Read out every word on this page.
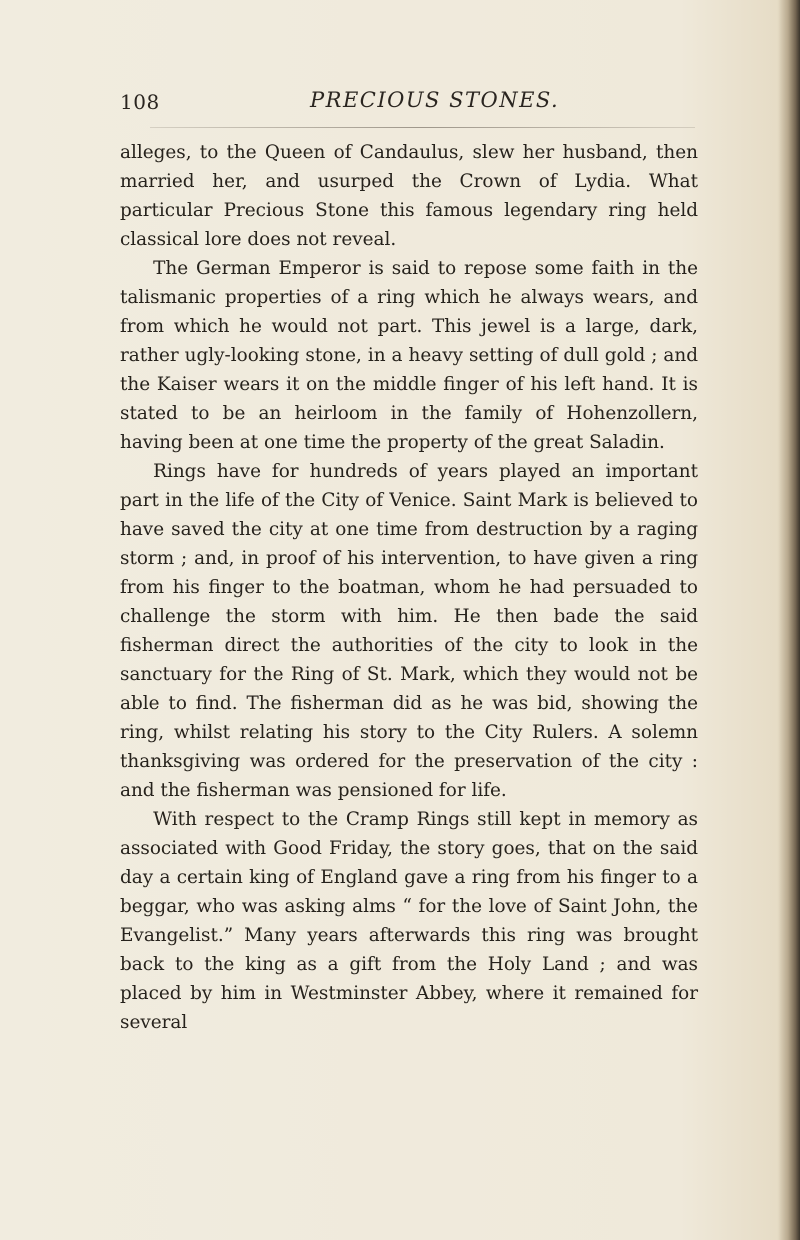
108	PRECIOUS STONES.

alleges, to the Queen of Candaulus, slew her husband, then married her, and usurped the Crown of Lydia. What particular Precious Stone this famous legendary ring held classical lore does not reveal.

The German Emperor is said to repose some faith in the talismanic properties of a ring which he always wears, and from which he would not part. This jewel is a large, dark, rather ugly-looking stone, in a heavy setting of dull gold ; and the Kaiser wears it on the middle finger of his left hand. It is stated to be an heirloom in the family of Hohenzollern, having been at one time the property of the great Saladin.

Rings have for hundreds of years played an important part in the life of the City of Venice. Saint Mark is believed to have saved the city at one time from destruction by a raging storm ; and, in proof of his intervention, to have given a ring from his finger to the boatman, whom he had persuaded to challenge the storm with him. He then bade the said fisherman direct the authorities of the city to look in the sanctuary for the Ring of St. Mark, which they would not be able to find. The fisherman did as he was bid, showing the ring, whilst relating his story to the City Rulers. A solemn thanksgiving was ordered for the preservation of the city : and the fisherman was pensioned for life.

With respect to the Cramp Rings still kept in memory as associated with Good Friday, the story goes, that on the said day a certain king of England gave a ring from his finger to a beggar, who was asking alms “ for the love of Saint John, the Evangelist.” Many years afterwards this ring was brought back to the king as a gift from the Holy Land ; and was placed by him in Westminster Abbey, where it remained for several
